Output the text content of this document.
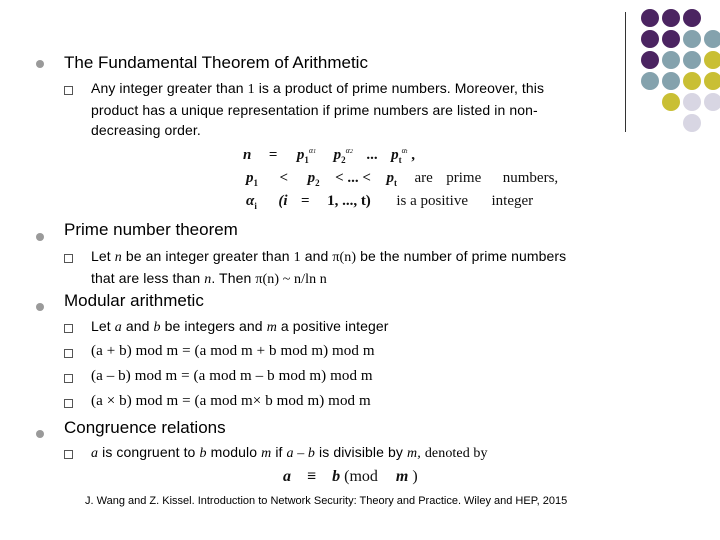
The Fundamental Theorem of Arithmetic
Any integer greater than 1 is a product of prime numbers. Moreover, this
product has a unique representation if prime numbers are listed in non-
decreasing order.
$n = p_1^{\alpha 1}$ $p_2^{\alpha 2}$ ... $p_t^{\alpha t}$ ,
$p_1 < p_2$ < ... < $p_t$ are prime numbers,
$\alpha_i$ (i = 1, ..., t) is a positive integer
Prime number theorem
Let n be an integer greater than 1 and π(n) be the number of prime numbers
that are less than n. Then π(n) ~ n/ln n
Modular arithmetic
Let a and b be integers and m a positive integer
(a + b) mod m = (a mod m + b mod m) mod m
(a – b) mod m = (a mod m – b mod m) mod m
(a × b) mod m = (a mod m× b mod m) mod m
Congruence relations
a is congruent to b modulo m if a – b is divisible by m, denoted by
a ≡ b (mod m )
J. Wang and Z. Kissel. Introduction to Network Security: Theory and Practice. Wiley and HEP, 2015
